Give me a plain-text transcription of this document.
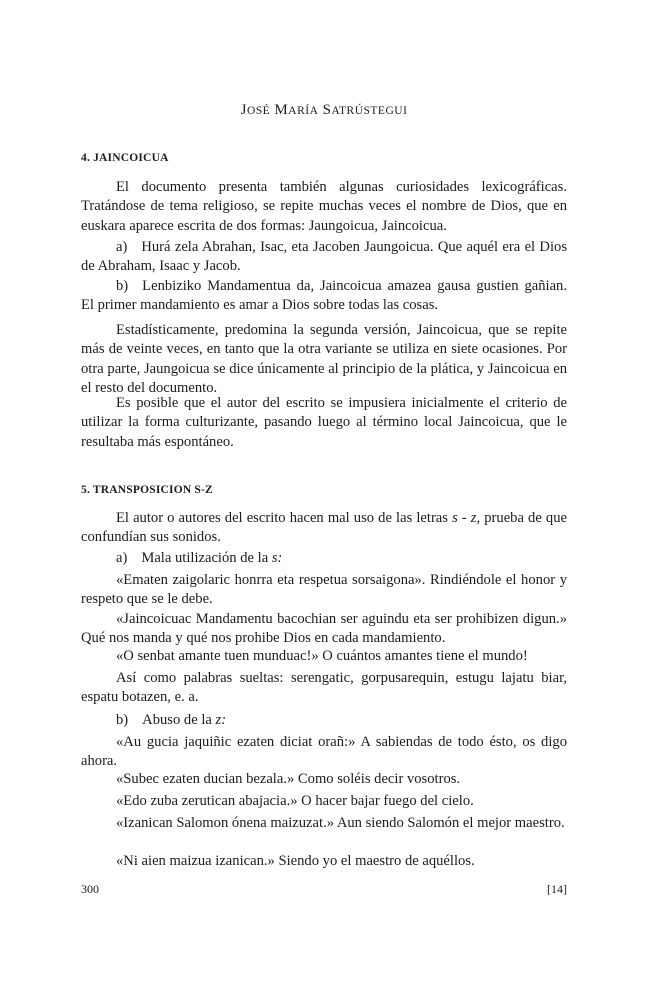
JOSÉ MARÍA SATRÚSTEGUI
4. JAINCOICUA

El documento presenta también algunas curiosidades lexicográficas. Tratándose de tema religioso, se repite muchas veces el nombre de Dios, que en euskara aparece escrita de dos formas: Jaungoicua, Jaincoicua.

a) Hurá zela Abrahan, Isac, eta Jacoben Jaungoicua. Que aquél era el Dios de Abraham, Isaac y Jacob.

b) Lenbiziko Mandamentua da, Jaincoicua amazea gausa gustien gañian. El primer mandamiento es amar a Dios sobre todas las cosas.

Estadísticamente, predomina la segunda versión, Jaincoicua, que se repite más de veinte veces, en tanto que la otra variante se utiliza en siete ocasiones. Por otra parte, Jaungoicua se dice únicamente al principio de la plática, y Jaincoicua en el resto del documento.

Es posible que el autor del escrito se impusiera inicialmente el criterio de utilizar la forma culturizante, pasando luego al término local Jaincoicua, que le resultaba más espontáneo.

5. TRANSPOSICION S-Z

El autor o autores del escrito hacen mal uso de las letras s - z, prueba de que confundían sus sonidos.

a) Mala utilización de la s:

«Ematen zaigolaric honrra eta respetua sorsaigona». Rindiéndole el honor y respeto que se le debe.

«Jaincoicuac Mandamentu bacochian ser aguindu eta ser prohibizen digun.» Qué nos manda y qué nos prohibe Dios en cada mandamiento.

«O senbat amante tuen munduac!» O cuántos amantes tiene el mundo!

Así como palabras sueltas: serengatic, gorpusarequin, estugu lajatu biar, espatu botazen, e. a.

b) Abuso de la z:

«Au gucia jaquiñic ezaten diciat orañ:» A sabiendas de todo ésto, os digo ahora.

«Subec ezaten ducian bezala.» Como soléis decir vosotros.

«Edo zuba zerutican abajacia.» O hacer bajar fuego del cielo.

«Izanican Salomon ónena maizuzat.» Aun siendo Salomón el mejor maestro.

«Ni aien maizua izanican.» Siendo yo el maestro de aquéllos.

300	[14]
